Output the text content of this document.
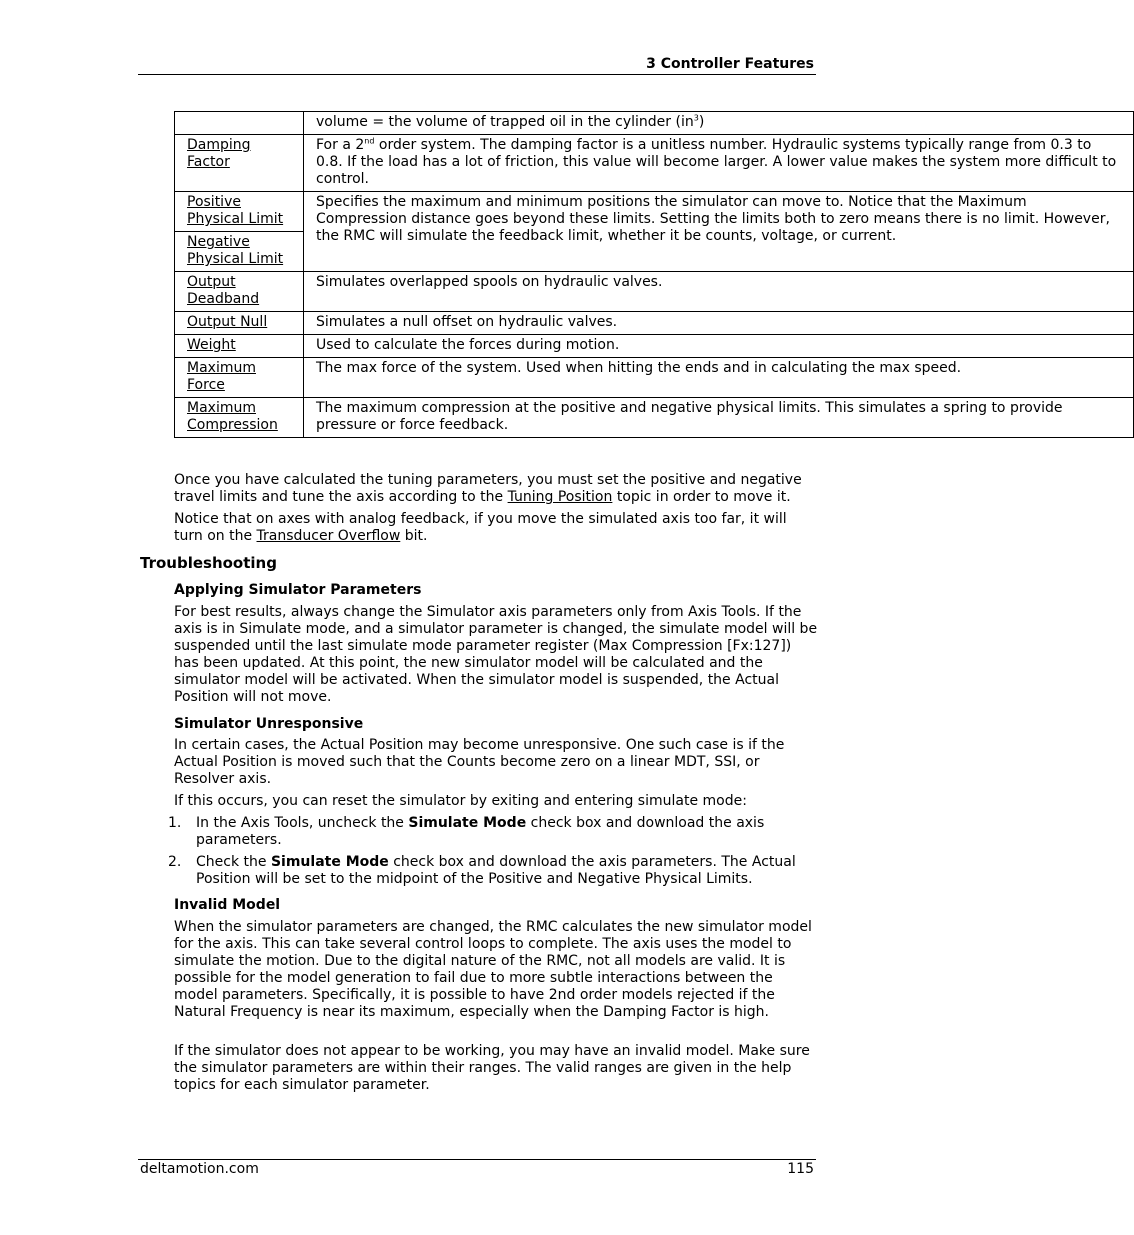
3 Controller Features
	volume = the volume of trapped oil in the cylinder $(in^3)$
Damping Factor	For a 2nd order system. The damping factor is a unitless number. Hydraulic systems typically range from 0.3 to 0.8. If the load has a lot of friction, this value will become larger. A lower value makes the system more difficult to control.
Positive Physical Limit	Specifies the maximum and minimum positions the simulator can move to. Notice that the Maximum Compression distance goes beyond these limits. Setting the limits both to zero means there is no limit. However, the RMC will simulate the feedback limit, whether it be counts, voltage, or current.
Negative Physical Limit	
Output Deadband	Simulates overlapped spools on hydraulic valves.
Output Null	Simulates a null offset on hydraulic valves.
Weight	Used to calculate the forces during motion.
Maximum Force	The max force of the system. Used when hitting the ends and in calculating the max speed.
Maximum Compression	The maximum compression at the positive and negative physical limits. This simulates a spring to provide pressure or force feedback.

Once you have calculated the tuning parameters, you must set the positive and negative travel limits and tune the axis according to the Tuning Position topic in order to move it.

Notice that on axes with analog feedback, if you move the simulated axis too far, it will turn on the Transducer Overflow bit.

Troubleshooting
Applying Simulator Parameters

For best results, always change the Simulator axis parameters only from Axis Tools. If the axis is in Simulate mode, and a simulator parameter is changed, the simulate model will be suspended until the last simulate mode parameter register (Max Compression [Fx:127]) has been updated. At this point, the new simulator model will be calculated and the simulator model will be activated. When the simulator model is suspended, the Actual Position will not move.

Simulator Unresponsive

In certain cases, the Actual Position may become unresponsive. One such case is if the Actual Position is moved such that the Counts become zero on a linear MDT, SSI, or Resolver axis.

If this occurs, you can reset the simulator by exiting and entering simulate mode:

1. In the Axis Tools, uncheck the Simulate Mode check box and download the axis parameters.
2. Check the Simulate Mode check box and download the axis parameters. The Actual Position will be set to the midpoint of the Positive and Negative Physical Limits.
Invalid Model

When the simulator parameters are changed, the RMC calculates the new simulator model for the axis. This can take several control loops to complete. The axis uses the model to simulate the motion. Due to the digital nature of the RMC, not all models are valid. It is possible for the model generation to fail due to more subtle interactions between the model parameters. Specifically, it is possible to have 2nd order models rejected if the Natural Frequency is near its maximum, especially when the Damping Factor is high.

If the simulator does not appear to be working, you may have an invalid model. Make sure the simulator parameters are within their ranges. The valid ranges are given in the help topics for each simulator parameter.

deltamotion.com	115
